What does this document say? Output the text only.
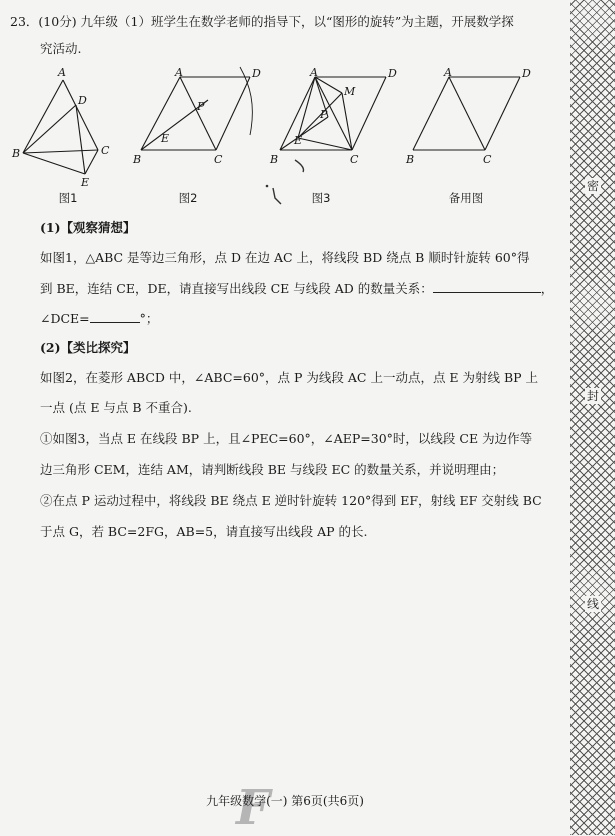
23．(10分) 九年级（1）班学生在数学老师的指导下，以“图形的旋转”为主题，开展数学探
究活动.
A
D
B	C
E
A	D
P
E
B	C
A	D
M
P
E
B	C
A	D
B	C
图1	图2	图3	备用图
(1)【观察猜想】
如图1，△ABC 是等边三角形，点 D 在边 AC 上，将线段 BD 绕点 B 顺时针旋转 60°得
到 BE，连结 CE，DE，请直接写出线段 CE 与线段 AD 的数量关系：	，
∠DCE=	°；
(2)【类比探究】
如图2，在菱形 ABCD 中，∠ABC=60°，点 P 为线段 AC 上一动点，点 E 为射线 BP 上
一点 (点 E 与点 B 不重合).
①如图3，当点 E 在线段 BP 上，且∠PEC=60°，∠AEP=30°时，以线段 CE 为边作等
边三角形 CEM，连结 AM，请判断线段 BE 与线段 EC 的数量关系，并说明理由；
②在点 P 运动过程中，将线段 BE 绕点 E 逆时针旋转 120°得到 EF，射线 EF 交射线 BC
于点 G，若 BC=2FG，AB=5，请直接写出线段 AP 的长.
F
九年级数学(一) 第6页(共6页)
密
封
线
